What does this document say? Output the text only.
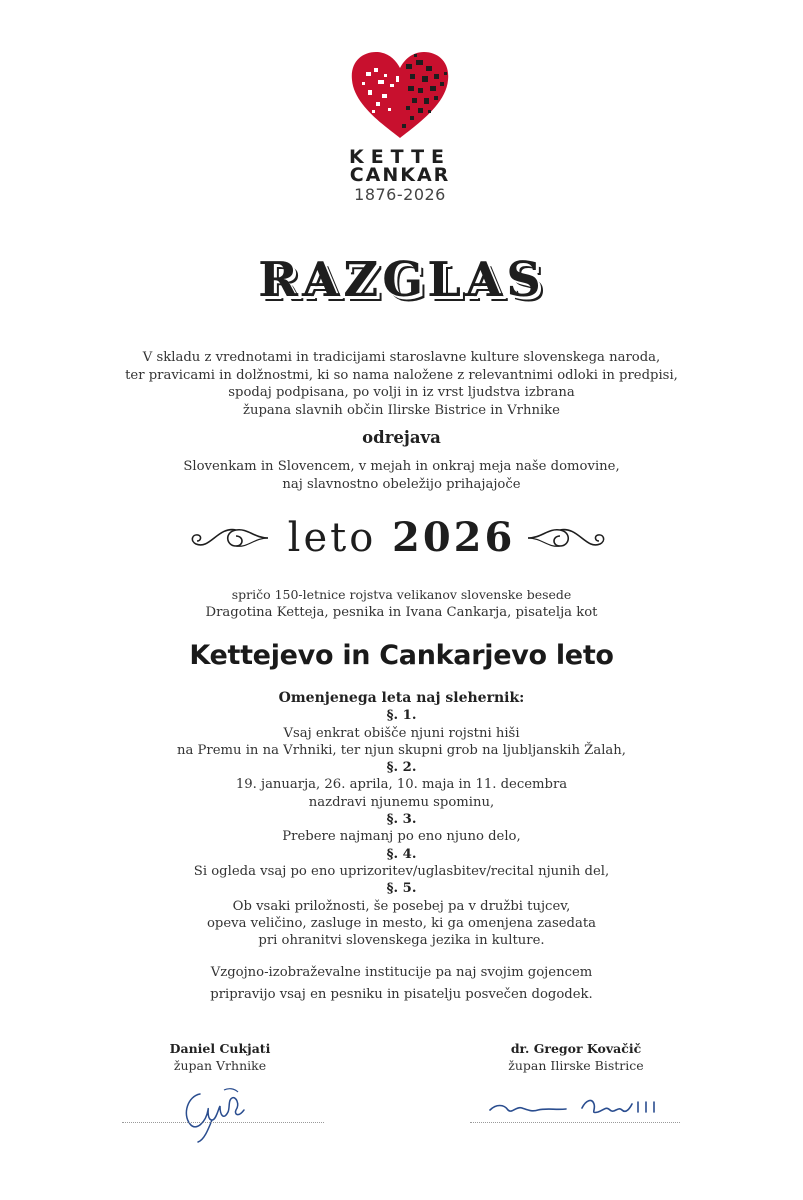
KETTE
CANKAR
1876-2026
RAZGLAS
V skladu z vrednotami in tradicijami staroslavne kulture slovenskega naroda,
ter pravicami in dolžnostmi, ki so nama naložene z relevantnimi odloki in predpisi,
spodaj podpisana, po volji in iz vrst ljudstva izbrana
župana slavnih občin Ilirske Bistrice in Vrhnike
odrejava
Slovenkam in Slovencem, v mejah in onkraj meja naše domovine,
naj slavnostno obeležijo prihajajoče
leto 2026
spričo 150-letnice rojstva velikanov slovenske besede
Dragotina Ketteja, pesnika in Ivana Cankarja, pisatelja kot
Kettejevo in Cankarjevo leto
Omenjenega leta naj slehernik:
§. 1.
Vsaj enkrat obišče njuni rojstni hiši
na Premu in na Vrhniki, ter njun skupni grob na ljubljanskih Žalah,
§. 2.
19. januarja, 26. aprila, 10. maja in 11. decembra
nazdravi njunemu spominu,
§. 3.
Prebere najmanj po eno njuno delo,
§. 4.
Si ogleda vsaj po eno uprizoritev/uglasbitev/recital njunih del,
§. 5.
Ob vsaki priložnosti, še posebej pa v družbi tujcev,
opeva veličino, zasluge in mesto, ki ga omenjena zasedata
pri ohranitvi slovenskega jezika in kulture.
Vzgojno-izobraževalne institucije pa naj svojim gojencem
pripravijo vsaj en pesniku in pisatelju posvečen dogodek.
Daniel Cukjati
župan Vrhnike
dr. Gregor Kovačič
župan Ilirske Bistrice
